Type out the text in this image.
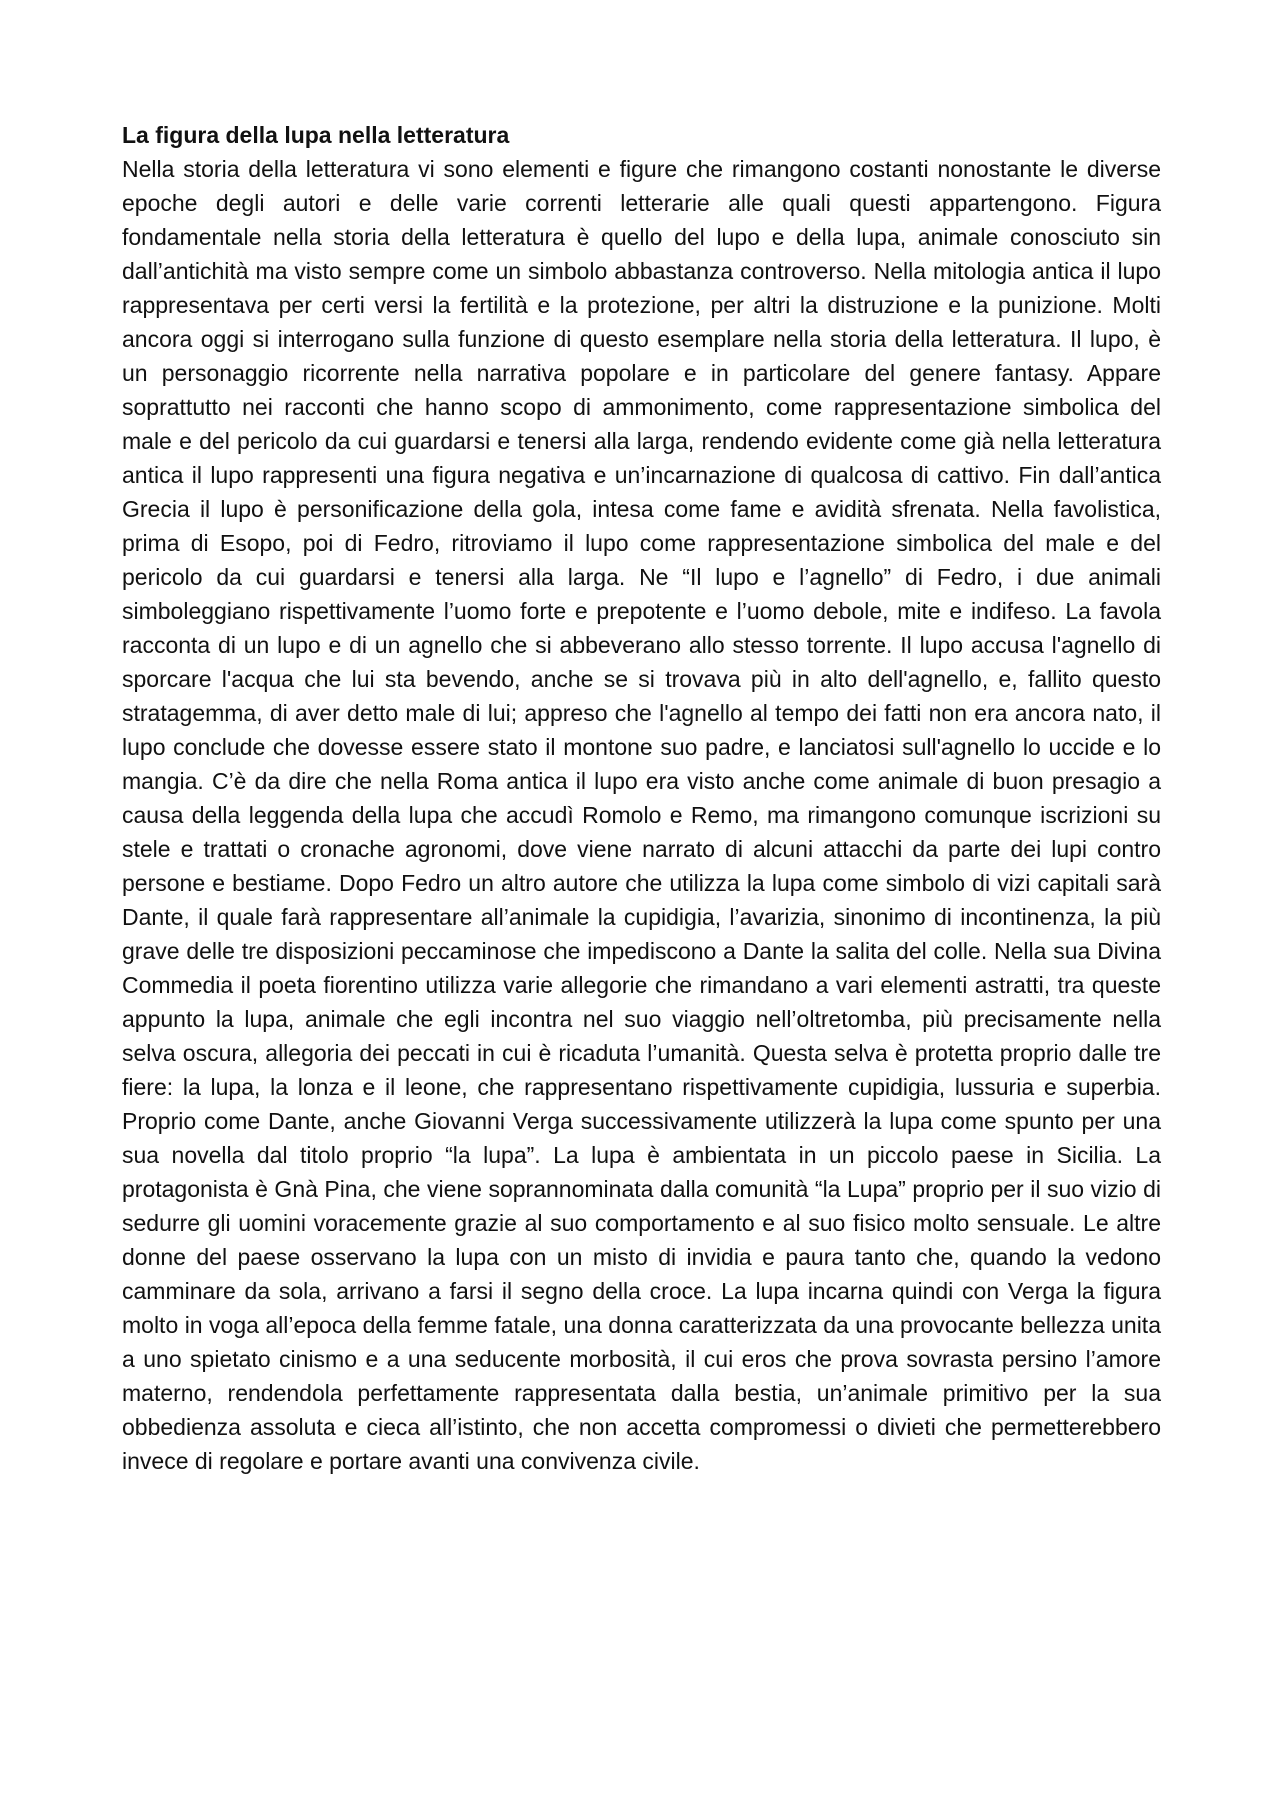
La figura della lupa nella letteratura

Nella storia della letteratura vi sono elementi e figure che rimangono costanti nonostante le diverse epoche degli autori e delle varie correnti letterarie alle quali questi appartengono. Figura fondamentale nella storia della letteratura è quello del lupo e della lupa, animale conosciuto sin dall’antichità ma visto sempre come un simbolo abbastanza controverso. Nella mitologia antica il lupo rappresentava per certi versi la fertilità e la protezione, per altri la distruzione e la punizione. Molti ancora oggi si interrogano sulla funzione di questo esemplare nella storia della letteratura. Il lupo, è un personaggio ricorrente nella narrativa popolare e in particolare del genere fantasy. Appare soprattutto nei racconti che hanno scopo di ammonimento, come rappresentazione simbolica del male e del pericolo da cui guardarsi e tenersi alla larga, rendendo evidente come già nella letteratura antica il lupo rappresenti una figura negativa e un’incarnazione di qualcosa di cattivo. Fin dall’antica Grecia il lupo è personificazione della gola, intesa come fame e avidità sfrenata. Nella favolistica, prima di Esopo, poi di Fedro, ritroviamo il lupo come rappresentazione simbolica del male e del pericolo da cui guardarsi e tenersi alla larga. Ne “Il lupo e l’agnello” di Fedro, i due animali simboleggiano rispettivamente l’uomo forte e prepotente e l’uomo debole, mite e indifeso. La favola racconta di un lupo e di un agnello che si abbeverano allo stesso torrente. Il lupo accusa l'agnello di sporcare l'acqua che lui sta bevendo, anche se si trovava più in alto dell'agnello, e, fallito questo stratagemma, di aver detto male di lui; appreso che l'agnello al tempo dei fatti non era ancora nato, il lupo conclude che dovesse essere stato il montone suo padre, e lanciatosi sull'agnello lo uccide e lo mangia. C’è da dire che nella Roma antica il lupo era visto anche come animale di buon presagio a causa della leggenda della lupa che accudì Romolo e Remo, ma rimangono comunque iscrizioni su stele e trattati o cronache agronomi, dove viene narrato di alcuni attacchi da parte dei lupi contro persone e bestiame. Dopo Fedro un altro autore che utilizza la lupa come simbolo di vizi capitali sarà Dante, il quale farà rappresentare all’animale la cupidigia, l’avarizia, sinonimo di incontinenza, la più grave delle tre disposizioni peccaminose che impediscono a Dante la salita del colle. Nella sua Divina Commedia il poeta fiorentino utilizza varie allegorie che rimandano a vari elementi astratti, tra queste appunto la lupa, animale che egli incontra nel suo viaggio nell’oltretomba, più precisamente nella selva oscura, allegoria dei peccati in cui è ricaduta l’umanità. Questa selva è protetta proprio dalle tre fiere: la lupa, la lonza e il leone, che rappresentano rispettivamente cupidigia, lussuria e superbia. Proprio come Dante, anche Giovanni Verga successivamente utilizzerà la lupa come spunto per una sua novella dal titolo proprio “la lupa”. La lupa è ambientata in un piccolo paese in Sicilia. La protagonista è Gnà Pina, che viene soprannominata dalla comunità “la Lupa” proprio per il suo vizio di sedurre gli uomini voracemente grazie al suo comportamento e al suo fisico molto sensuale. Le altre donne del paese osservano la lupa con un misto di invidia e paura tanto che, quando la vedono camminare da sola, arrivano a farsi il segno della croce. La lupa incarna quindi con Verga la figura molto in voga all’epoca della femme fatale, una donna caratterizzata da una provocante bellezza unita a uno spietato cinismo e a una seducente morbosità, il cui eros che prova sovrasta persino l’amore materno, rendendola perfettamente rappresentata dalla bestia, un’animale primitivo per la sua obbedienza assoluta e cieca all’istinto, che non accetta compromessi o divieti che permetterebbero invece di regolare e portare avanti una convivenza civile.
